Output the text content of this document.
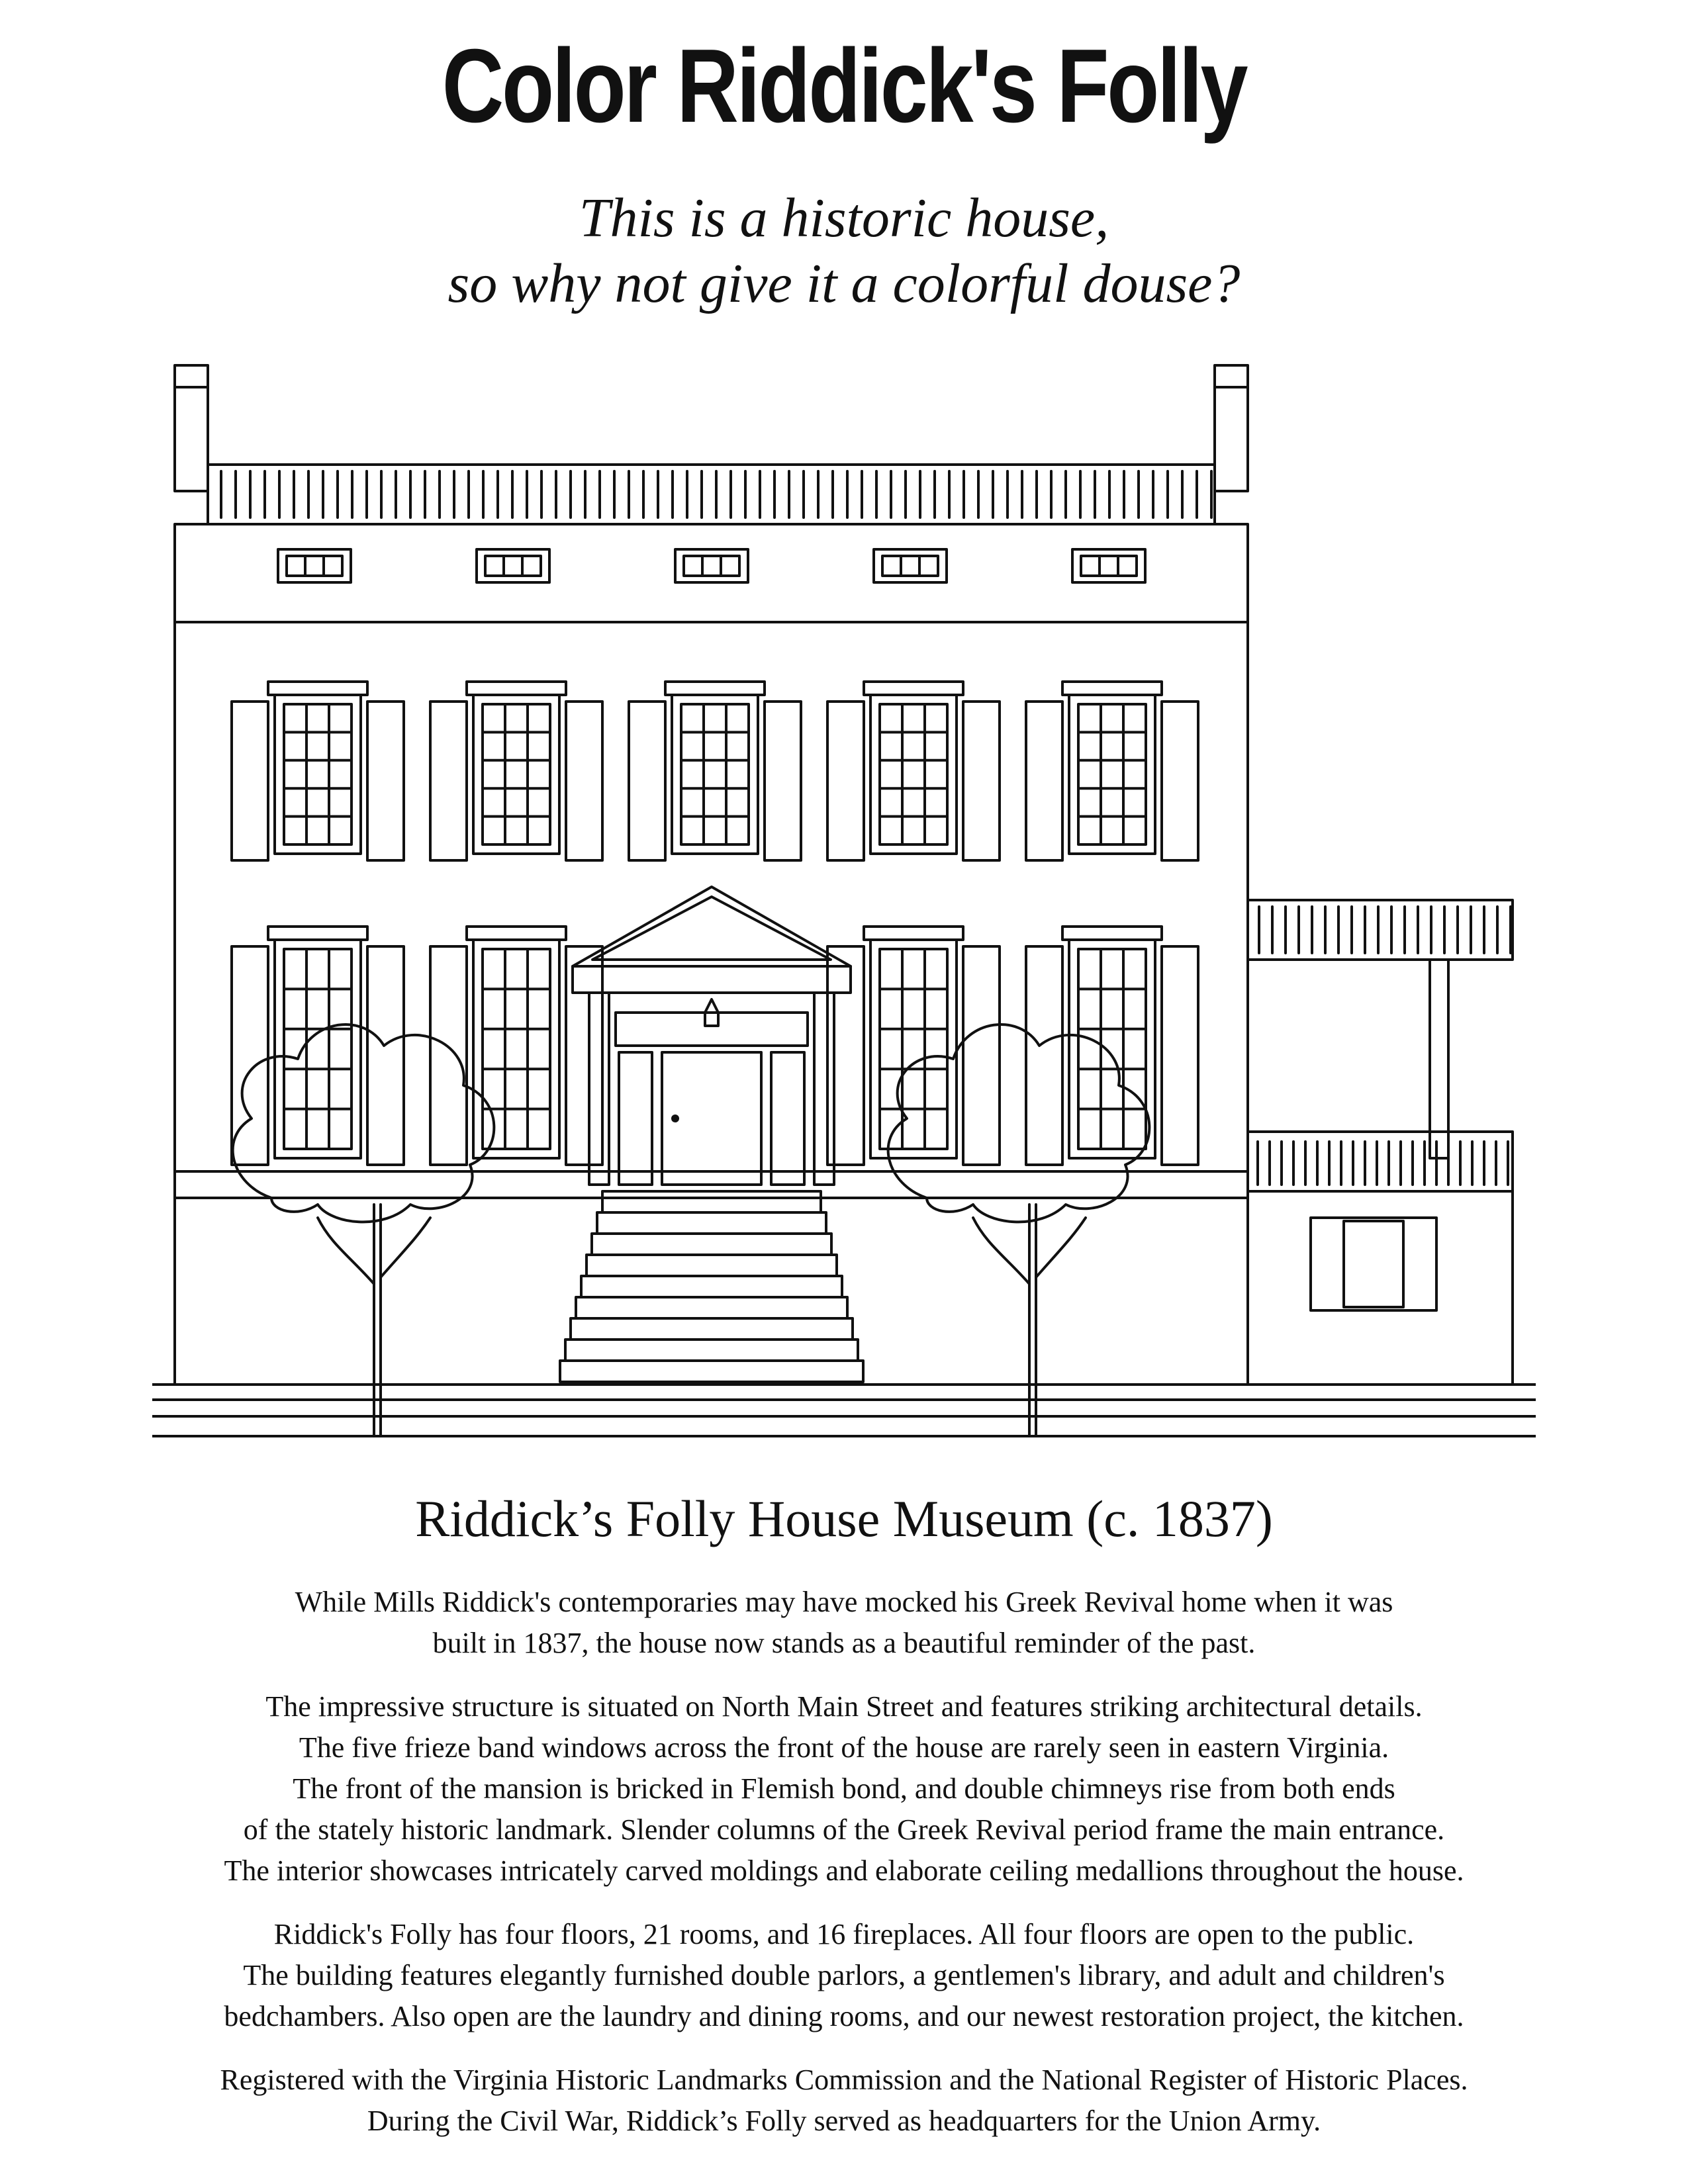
Color Riddick's Folly
This is a historic house,
so why not give it a colorful douse?
Riddick’s Folly House Museum (c. 1837)
While Mills Riddick's contemporaries may have mocked his Greek Revival home when it was
built in 1837, the house now stands as a beautiful reminder of the past.
The impressive structure is situated on North Main Street and features striking architectural details.
The five frieze band windows across the front of the house are rarely seen in eastern Virginia.
The front of the mansion is bricked in Flemish bond, and double chimneys rise from both ends
of the stately historic landmark. Slender columns of the Greek Revival period frame the main entrance.
The interior showcases intricately carved moldings and elaborate ceiling medallions throughout the house.
Riddick's Folly has four floors, 21 rooms, and 16 fireplaces. All four floors are open to the public.
The building features elegantly furnished double parlors, a gentlemen's library, and adult and children's
bedchambers. Also open are the laundry and dining rooms, and our newest restoration project, the kitchen.
Registered with the Virginia Historic Landmarks Commission and the National Register of Historic Places.
During the Civil War, Riddick’s Folly served as headquarters for the Union Army.
